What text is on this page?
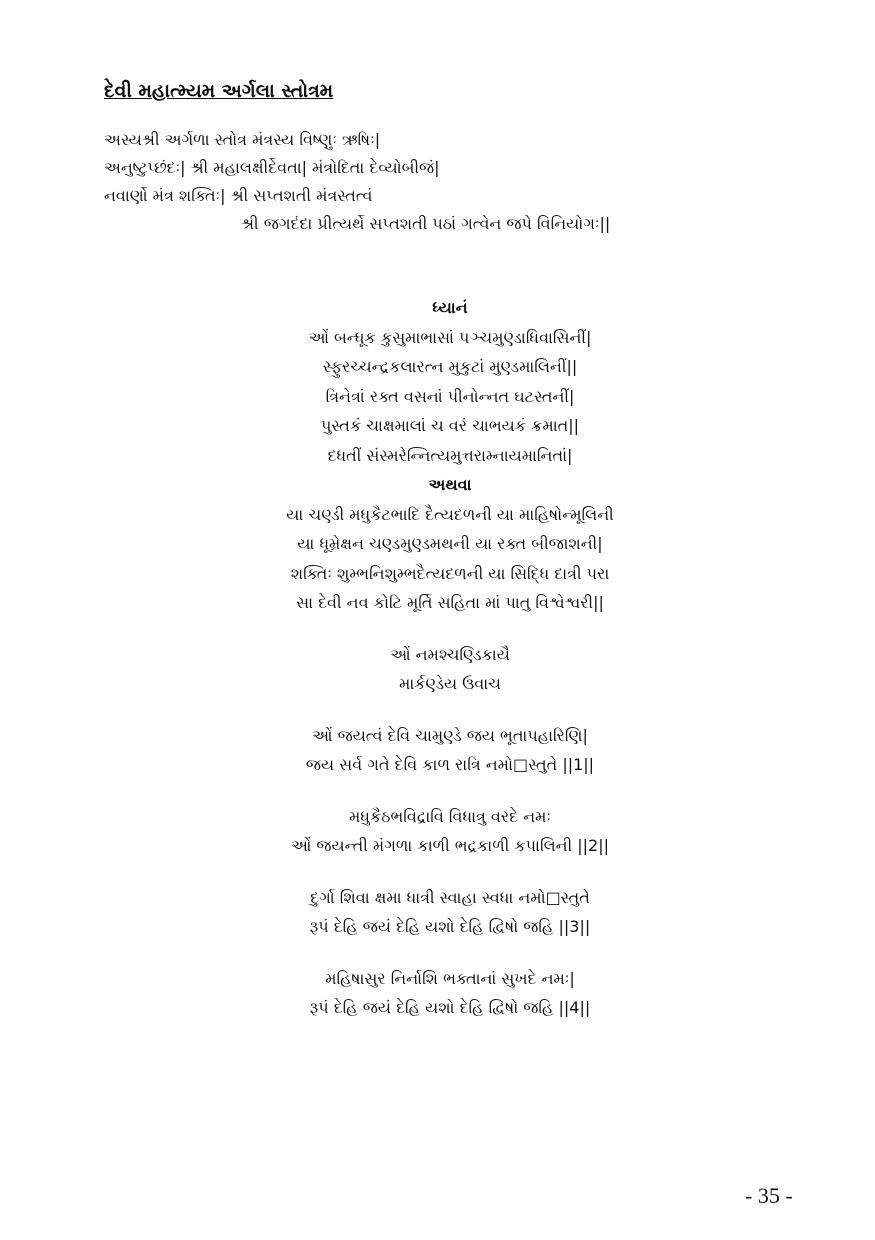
દેવી મહાત્મ્યમ અર્ગલા સ્તોત્રમ
અસ્યશ્રી અર્ગળા સ્તોત્ર મંત્રસ્ય વિષ્ણુઃ ઋષિઃ|
અનુષ્ટુપ્છંદઃ| શ્રી મહાલક્ષીર્દેવતા| મંત્રોદિતા દેવ્યોબીજં|
નવાર્ણો મંત્ર શક્તિઃ| શ્રી સપ્તશતી મંત્રસ્તત્વં
શ્રી જગદંદા પ્રીત્યર્થે સપ્તશતી પઠાં ગત્વેન જપે વિનિયોગઃ||
ધ્યાનં
ઓં બન્ધૂક કુસુમાભાસાં પઞ્ચમુણ્ડાધિવાસિનીં|
સ્ફુરચ્ચન્દ્રકલારત્ન મુકુટાં મુણ્ડમાલિનીં||
ત્રિનેત્રાં રક્ત વસનાં પીનોન્નત ઘટસ્તનીં|
પુસ્તકં ચાક્ષમાલાં ચ વરં ચાભયકં ક્રમાત||
દધતીં સંસ્મરેન્નિત્યમુત્તરામ્નાયમાનિતાં|
અથવા
યા ચણ્ડી મધુકૈટભાદિ દૈત્યદળની યા માહિષોન્મૂલિની
યા ધૂમ્રેક્ષન ચણ્ડમુણ્ડમથની યા રક્ત બીજાશની|
શક્તિઃ શુમ્ભનિશુમ્ભદૈત્યદળની યા સિદ્ધિ દાત્રી પરા
સા દેવી નવ કોટિ મૂર્તિ સહિતા માં પાતુ વિશ્વેશ્વરી||
ઓં નમશ્ચણ્ડિકાયૈ
માર્કણ્ડેય ઉવાચ
ઓં જયત્વં દેવિ ચામુણ્ડે જય ભૂતાપહારિણિ|
જય સર્વ ગતે દેવિ કાળ રાત્રિ નમો□સ્તુતે ||1||
મધુકૈઠભવિદ્રાવિ વિધાત્રુ વરદે નમઃ
ઓં જયન્તી મંગળા કાળી ભદ્રકાળી કપાલિની ||2||
દુર્ગા શિવા ક્ષમા ધાત્રી સ્વાહા સ્વધા નમો□સ્તુતે
રૂપં દેહિ જયં દેહિ યશો દેહિ દ્વિષો જહિ ||3||
મહિષાસુર નિર્નાશિ ભક્તાનાં સુખદે નમઃ|
રૂપં દેહિ જયં દેહિ યશો દેહિ દ્વિષો જહિ ||4||
- 35 -
